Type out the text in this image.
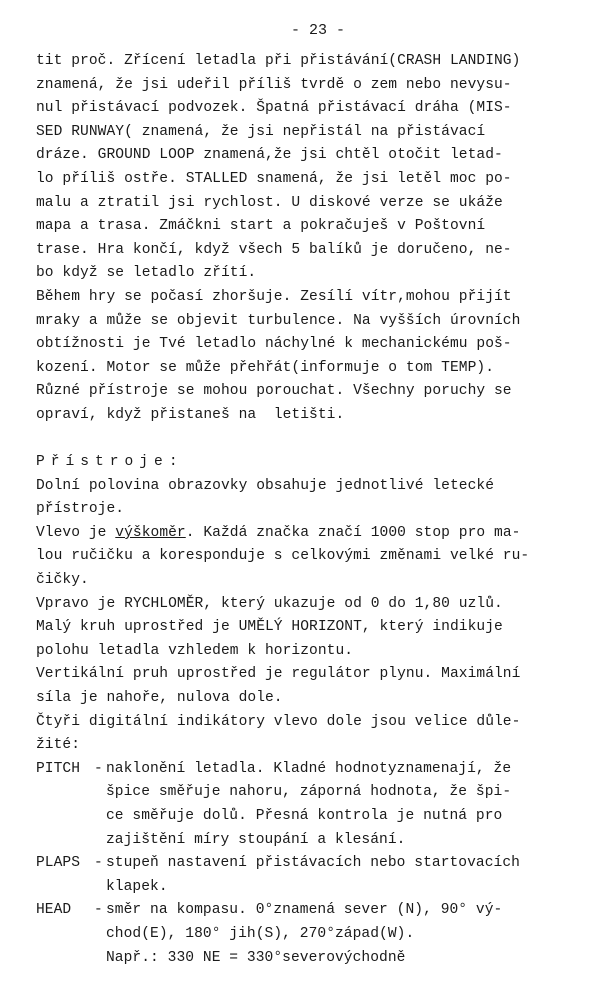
- 23 -
tit proč. Zřícení letadla při přistávání(CRASH LANDING)
znamená, že jsi udeřil příliš tvrdě o zem nebo nevysu-
nul přistávací podvozek. Špatná přistávací dráha (MIS-
SED RUNWAY( znamená, že jsi nepřistál na přistávací
dráze. GROUND LOOP znamená,že jsi chtěl otočit letad-
lo příliš ostře. STALLED snamená, že jsi letěl moc po-
malu a ztratil jsi rychlost. U diskové verze se ukáže
mapa a trasa. Zmáčkni start a pokračuješ v Poštovní
trase. Hra končí, když všech 5 balíků je doručeno, ne-
bo když se letadlo zřítí.
Během hry se počasí zhoršuje. Zesílí vítr,mohou přijít
mraky a může se objevit turbulence. Na vyšších úrovních
obtížnosti je Tvé letadlo náchylné k mechanickému poš-
kození. Motor se může přehřát(informuje o tom TEMP).
Různé přístroje se mohou porouchat. Všechny poruchy se
opraví, když přistaneš na  letišti.
Přístroje:
Dolní polovina obrazovky obsahuje jednotlivé letecké
přístroje.
Vlevo je výškoměr. Každá značka značí 1000 stop pro ma-
lou ručičku a koresponduje s celkovými změnami velké ru-
čičky.
Vpravo je RYCHLOMĚR, který ukazuje od 0 do 1,80 uzlů.
Malý kruh uprostřed je UMĚLÝ HORIZONT, který indikuje
polohu letadla vzhledem k horizontu.
Vertikální pruh uprostřed je regulátor plynu. Maximální
síla je nahoře, nulova dole.
Čtyři digitální indikátory vlevo dole jsou velice důle-
žité:
PITCH - naklonění letadla. Kladné hodnotyznamenají, že
špice směřuje nahoru, záporná hodnota, že špi-
ce směřuje dolů. Přesná kontrola je nutná pro
zajištění míry stoupání a klesání.
PLAPS - stupeň nastavení přistávacích nebo startovacích
klapek.
HEAD	- směr na kompasu. 0°znamená sever (N), 90° vý-
chod(E), 180° jih(S), 270°západ(W).
Např.: 330 NE = 330°severovýchodně
